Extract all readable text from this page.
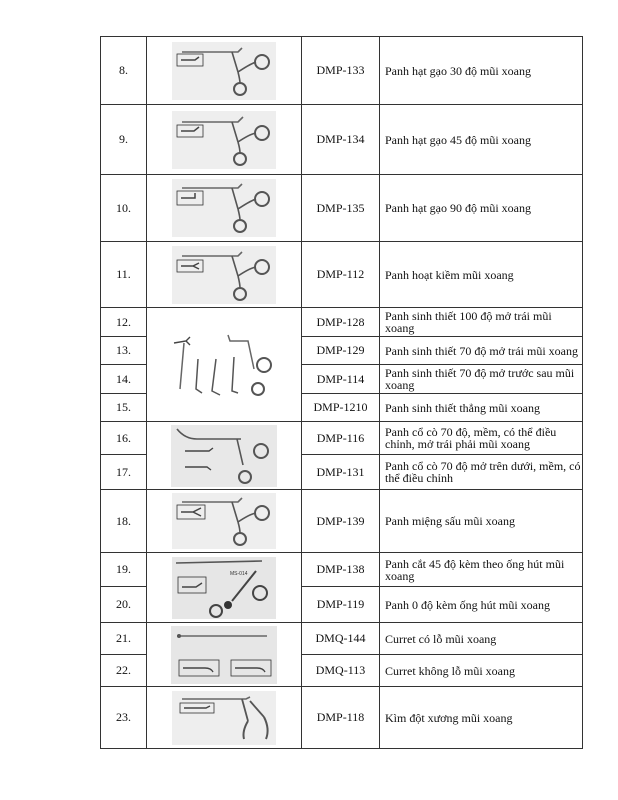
8.		DMP-133	Panh hạt gạo 30 độ mũi xoang
9.		DMP-134	Panh hạt gạo 45 độ mũi xoang
10.		DMP-135	Panh hạt gạo 90 độ mũi xoang
11.		DMP-112	Panh hoạt kiềm mũi xoang
12.		DMP-128	Panh sinh thiết 100 độ mở trái mũi xoang
13.		DMP-129	Panh sinh thiết 70 độ mở trái mũi xoang
14.		DMP-114	Panh sinh thiết 70 độ mở trước sau mũi xoang
15.		DMP-1210	Panh sinh thiết thẳng mũi xoang
16.		DMP-116	Panh cổ cò 70 độ, mềm, có thể điều chỉnh, mở trái phải mũi xoang
17.		DMP-131	Panh cổ cò 70 độ mở trên dưới, mềm, có thể điều chỉnh
18.		DMP-139	Panh miệng sấu mũi xoang
19.	MS-014	DMP-138	Panh cắt 45 độ kèm theo ống hút mũi xoang
20.		DMP-119	Panh 0 độ kèm ống hút mũi xoang
21.		DMQ-144	Curret có lỗ mũi xoang
22.		DMQ-113	Curret không lỗ mũi xoang
23.		DMP-118	Kìm đột xương mũi xoang
